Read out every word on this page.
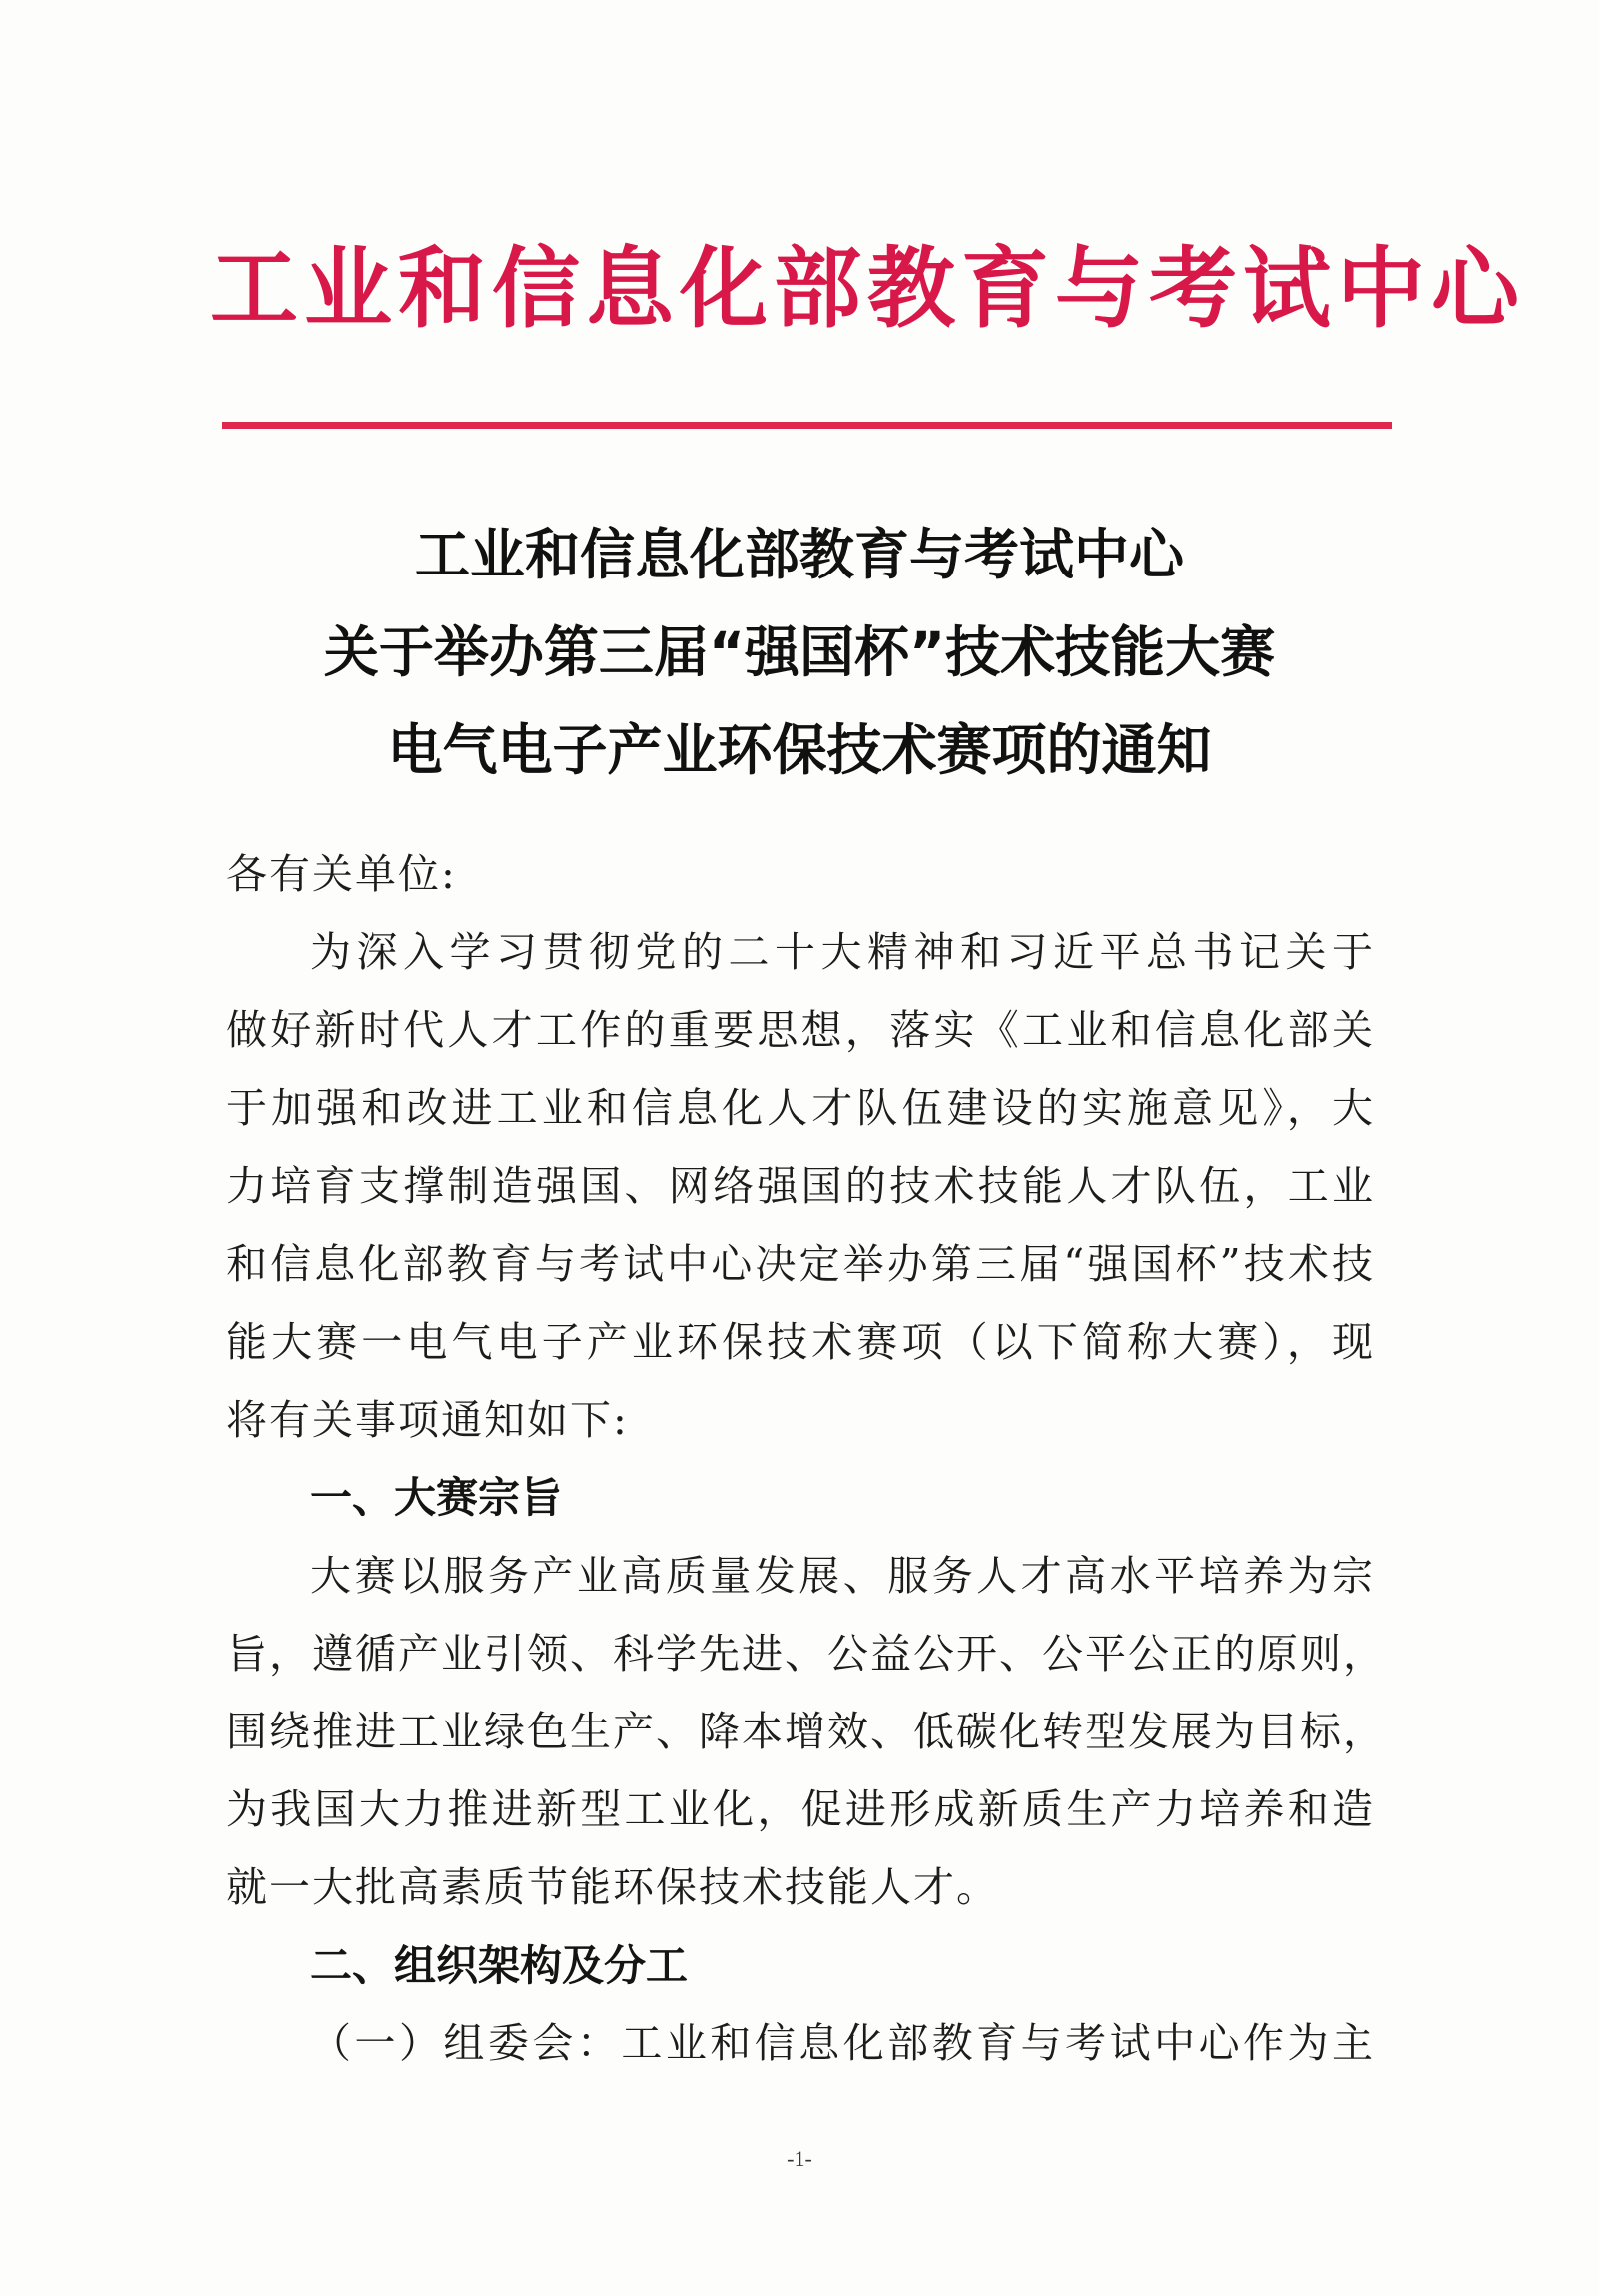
工业和信息化部教育与考试中心
工业和信息化部教育与考试中心
关于举办第三届“强国杯”技术技能大赛
电气电子产业环保技术赛项的通知
各有关单位:
为深入学习贯彻党的二十大精神和习近平总书记关于
做好新时代人才工作的重要思想，落实《工业和信息化部关
于加强和改进工业和信息化人才队伍建设的实施意见》，大
力培育支撑制造强国、网络强国的技术技能人才队伍，工业
和信息化部教育与考试中心决定举办第三届“强国杯”技术技
能大赛一电气电子产业环保技术赛项（以下简称大赛），现
将有关事项通知如下:
一、大赛宗旨
大赛以服务产业高质量发展、服务人才高水平培养为宗
旨，遵循产业引领、科学先进、公益公开、公平公正的原则，
围绕推进工业绿色生产、降本增效、低碳化转型发展为目标，
为我国大力推进新型工业化，促进形成新质生产力培养和造
就一大批高素质节能环保技术技能人才。
二、组织架构及分工
（一）组委会：工业和信息化部教育与考试中心作为主
-1-
